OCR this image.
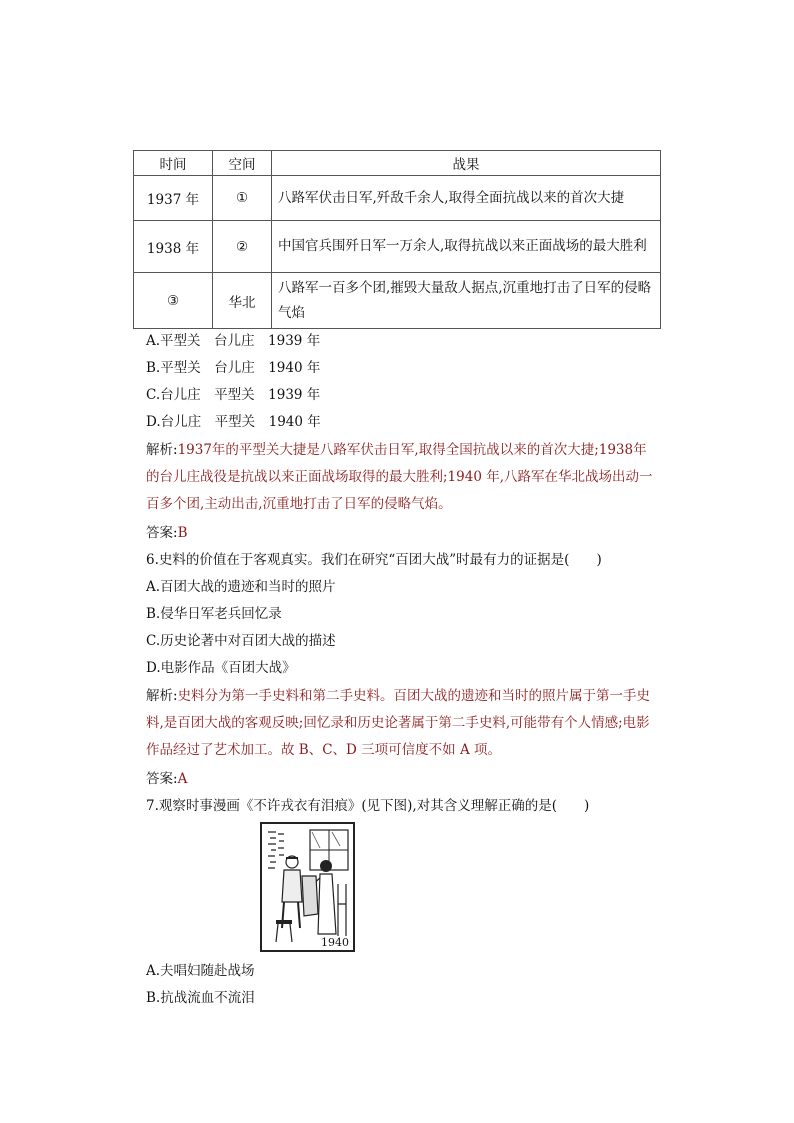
时间	空间	战果
1937 年	①	八路军伏击日军,歼敌千余人,取得全面抗战以来的首次大捷
1938 年	②	中国官兵围歼日军一万余人,取得抗战以来正面战场的最大胜利
③	华北	八路军一百多个团,摧毁大量敌人据点,沉重地打击了日军的侵略气焰
A.平型关　台儿庄　1939 年
B.平型关　台儿庄　1940 年
C.台儿庄　平型关　1939 年
D.台儿庄　平型关　1940 年
解析:1937年的平型关大捷是八路军伏击日军,取得全国抗战以来的首次大捷;1938年的台儿庄战役是抗战以来正面战场取得的最大胜利;1940 年,八路军在华北战场出动一百多个团,主动出击,沉重地打击了日军的侵略气焰。
答案:B
6.史料的价值在于客观真实。我们在研究“百团大战”时最有力的证据是(　　)
A.百团大战的遗迹和当时的照片
B.侵华日军老兵回忆录
C.历史论著中对百团大战的描述
D.电影作品《百团大战》
解析:史料分为第一手史料和第二手史料。百团大战的遗迹和当时的照片属于第一手史料,是百团大战的客观反映;回忆录和历史论著属于第二手史料,可能带有个人情感;电影作品经过了艺术加工。故 B、C、D 三项可信度不如 A 项。
答案:A
7.观察时事漫画《不许戎衣有泪痕》(见下图),对其含义理解正确的是(　　)
1940
A.夫唱妇随赴战场
B.抗战流血不流泪
